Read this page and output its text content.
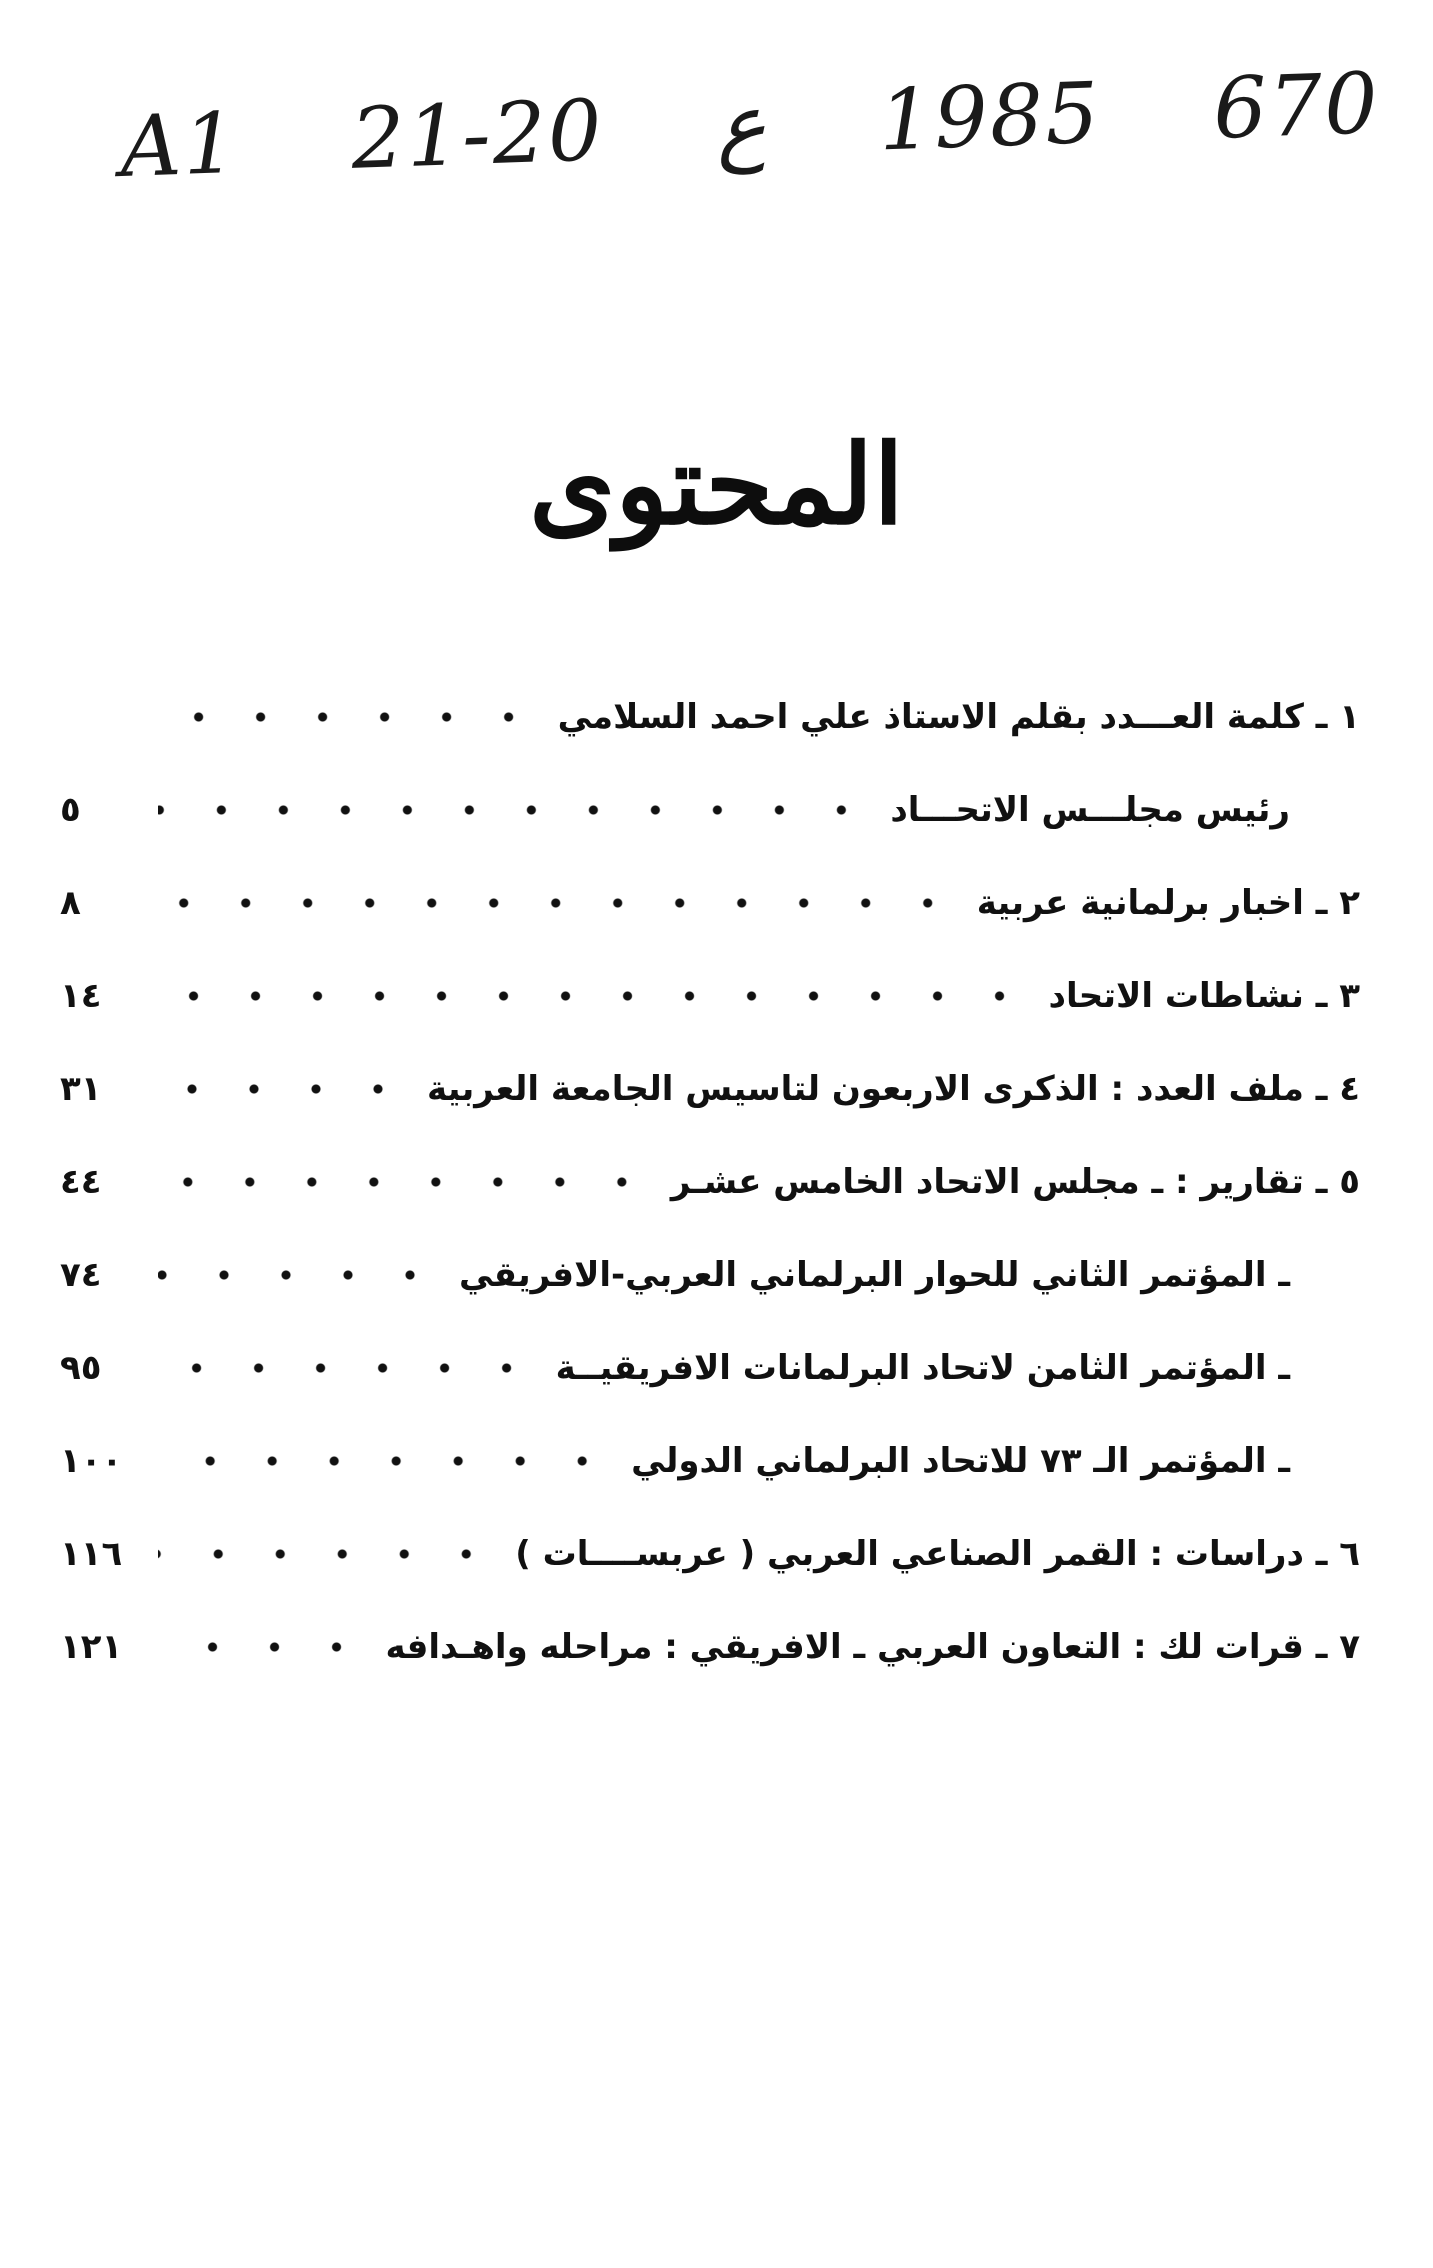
A1 21-20 ع 1985 670
المحتوى
١ ـ كلمة العـــدد بقلم الاستاذ علي احمد السلامي
رئيس مجلـــس الاتحـــاد
٥
٢ ـ اخبار برلمانية عربية
٨
٣ ـ نشاطات الاتحاد
١٤
٤ ـ ملف العدد : الذكرى الاربعون لتاسيس الجامعة العربية
٣١
٥ ـ تقارير : ـ مجلس الاتحاد الخامس عشـر
٤٤
ـ المؤتمر الثاني للحوار البرلماني العربي-الافريقي
٧٤
ـ المؤتمر الثامن لاتحاد البرلمانات الافريقيــة
٩٥
ـ المؤتمر الـ ٧٣ للاتحاد البرلماني الدولي
١٠٠
٦ ـ دراسات : القمر الصناعي العربي ( عربســــات )
١١٦
٧ ـ قرات لك : التعاون العربي ـ الافريقي : مراحله واهـدافه
١٢١
